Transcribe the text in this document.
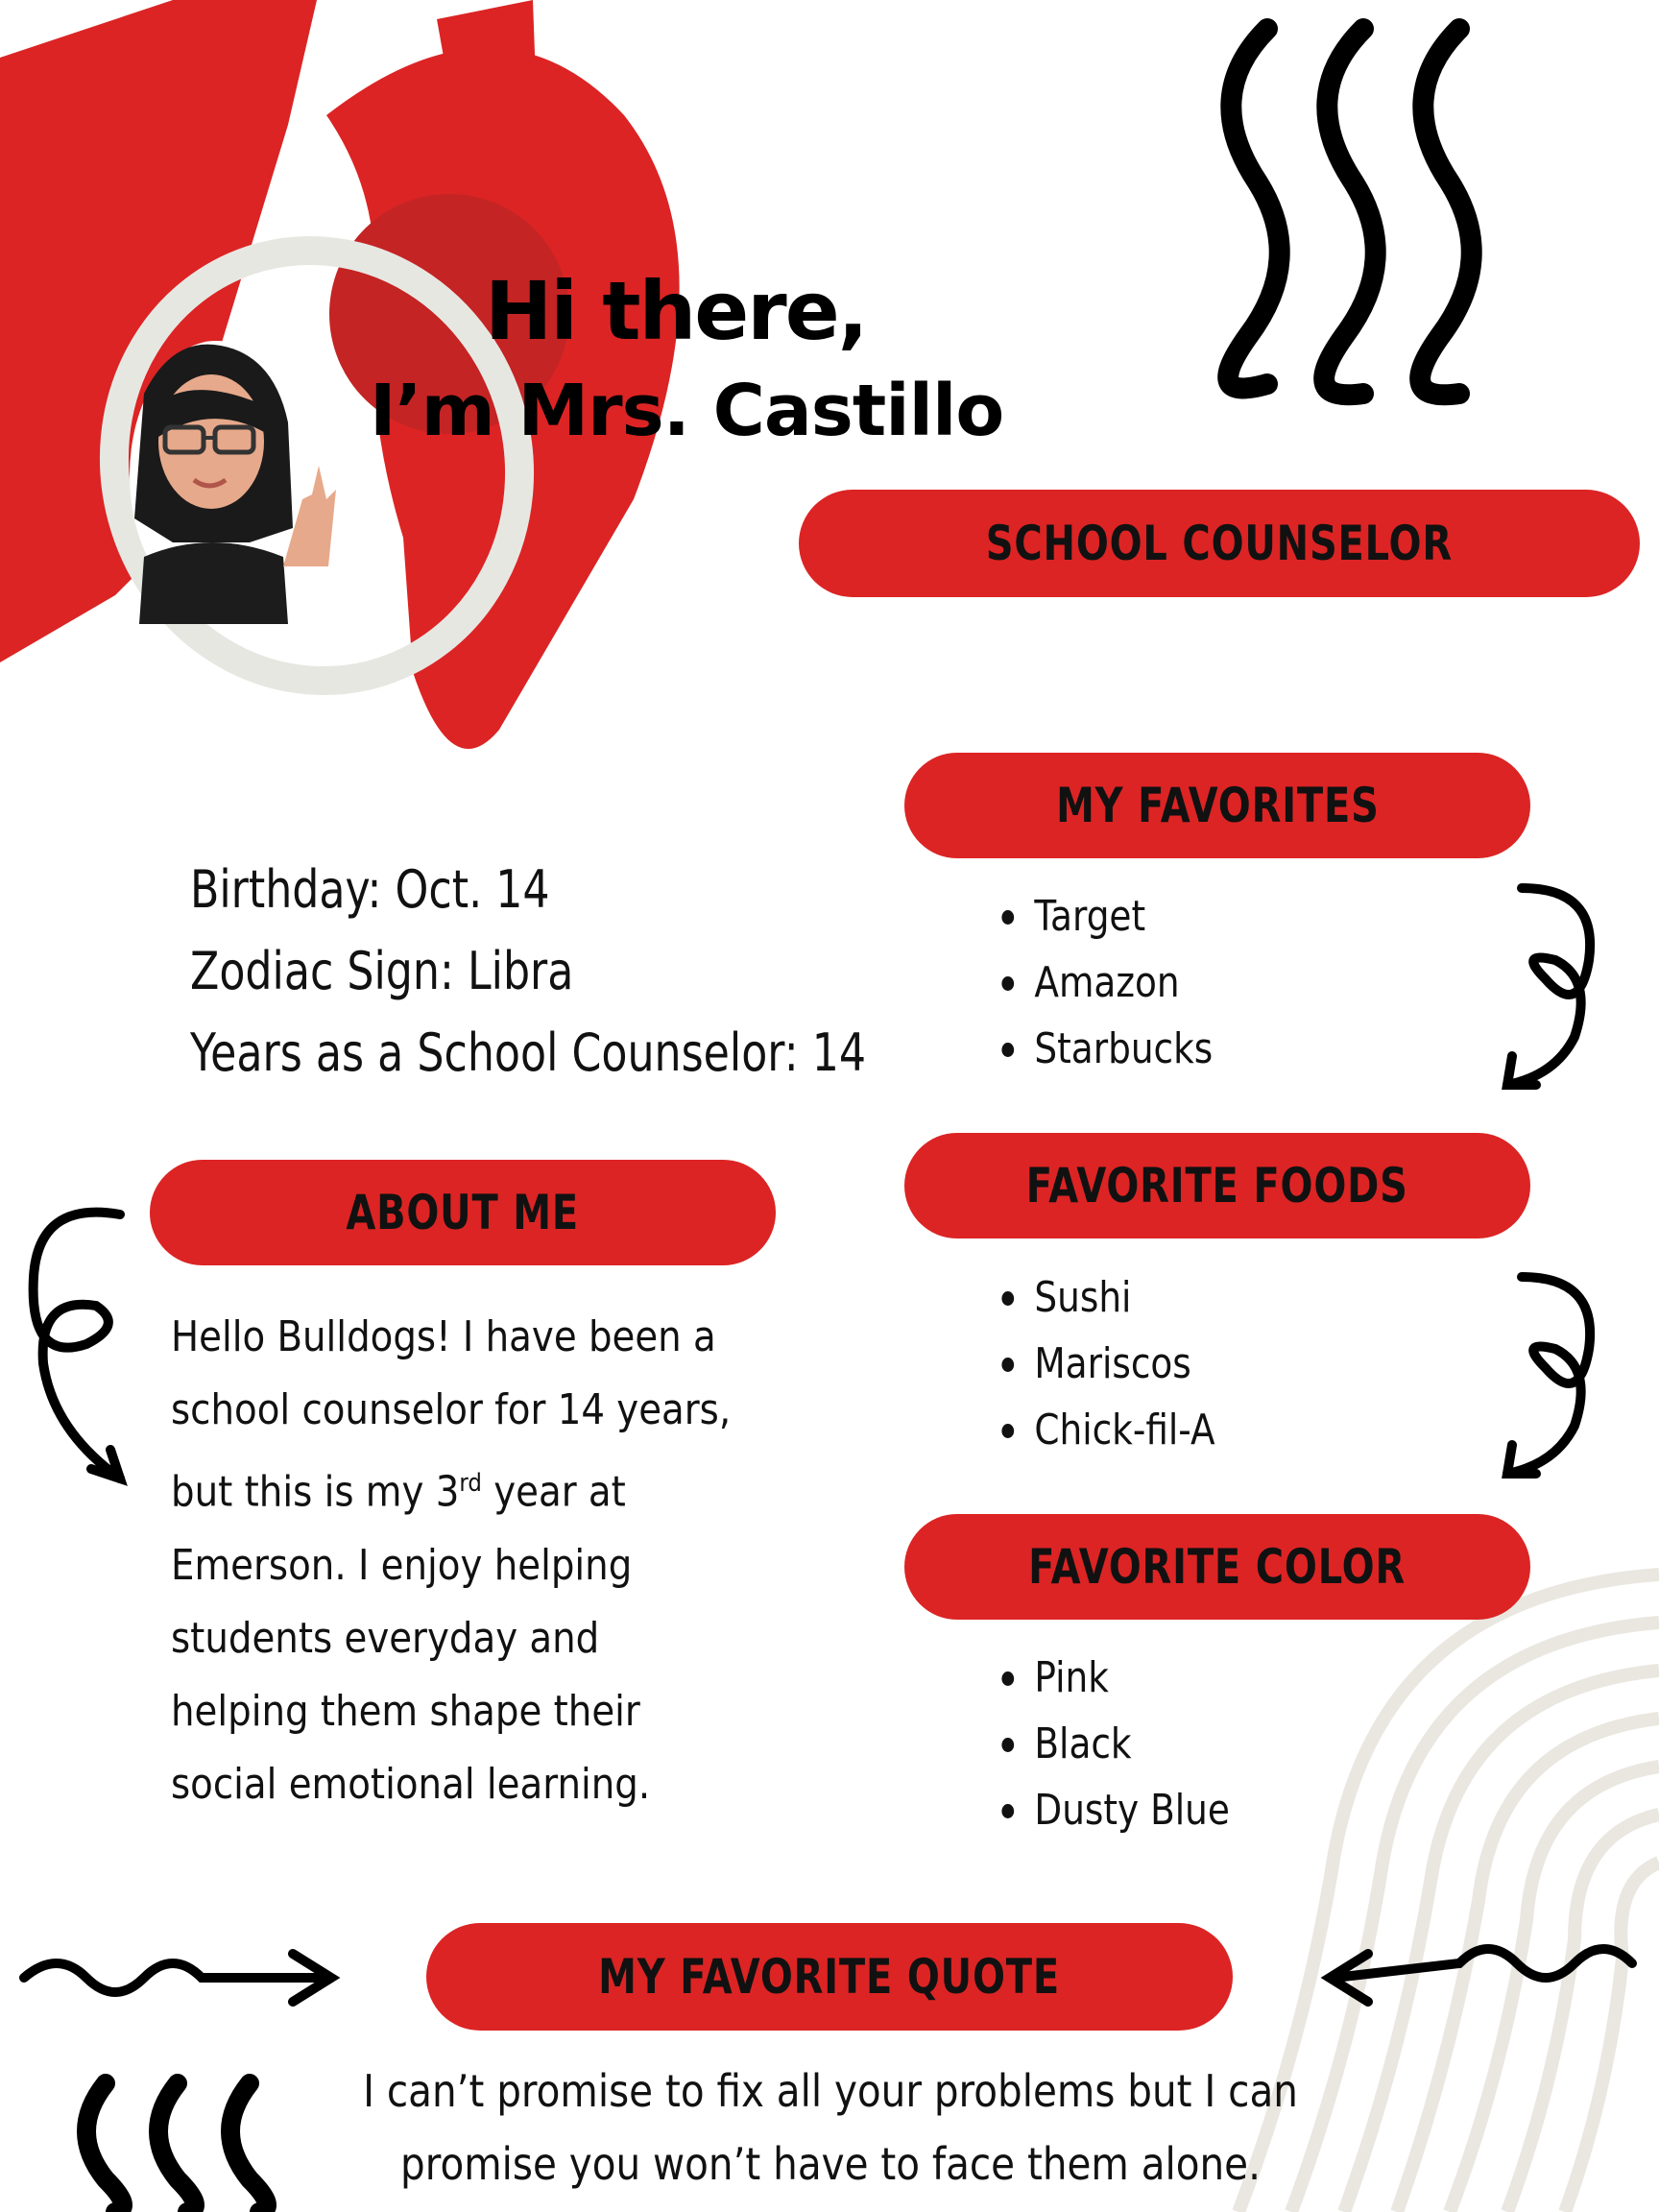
Hi there,
I’m Mrs. Castillo
SCHOOL COUNSELOR
Birthday: Oct. 14
Zodiac Sign: Libra
Years as a School Counselor: 14
ABOUT ME
Hello Bulldogs! I have been a
school counselor for 14 years,
but this is my 3rd year at
Emerson. I enjoy helping
students everyday and
helping them shape their
social emotional learning.
MY FAVORITES
Target
Amazon
Starbucks
FAVORITE FOODS
Sushi
Mariscos
Chick-fil-A
FAVORITE COLOR
Pink
Black
Dusty Blue
MY FAVORITE QUOTE
I can’t promise to fix all your problems but I can
promise you won’t have to face them alone.
